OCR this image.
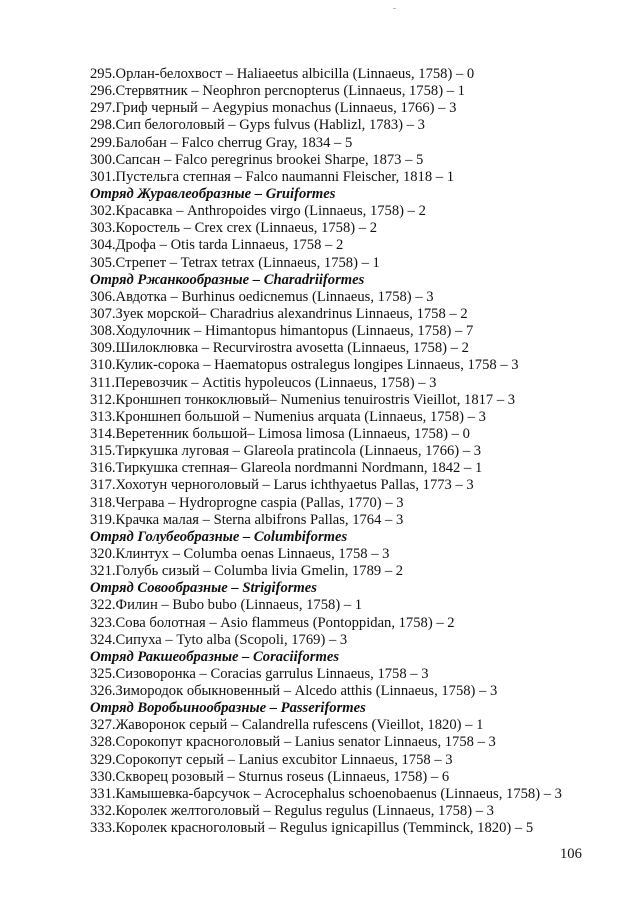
295.Орлан-белохвост – Haliaeetus albicilla (Linnaeus, 1758) – 0
296.Стервятник – Neophron percnopterus (Linnaeus, 1758) – 1
297.Гриф черный – Aegypius monachus (Linnaeus, 1766) – 3
298.Сип белоголовый – Gyps fulvus (Hablizl, 1783) – 3
299.Балобан – Falco cherrug Gray, 1834 – 5
300.Сапсан – Falco peregrinus brookei Sharpe, 1873 – 5
301.Пустельга степная – Falco naumanni Fleischer, 1818 – 1
Отряд Журавлеобразные – Gruiformes
302.Красавка – Anthropoides virgo (Linnaeus, 1758) – 2
303.Коростель – Crex crex (Linnaeus, 1758) – 2
304.Дрофа – Otis tarda Linnaeus, 1758 – 2
305.Стрепет – Tetrax tetrax (Linnaeus, 1758) – 1
Отряд Ржанкообразные – Charadriiformes
306.Авдотка – Burhinus oedicnemus (Linnaeus, 1758) – 3
307.Зуек морской– Charadrius alexandrinus Linnaeus, 1758 – 2
308.Ходулочник – Himantopus himantopus (Linnaeus, 1758) – 7
309.Шилоклювка – Recurvirostra avosetta (Linnaeus, 1758) – 2
310.Кулик-сорока – Haematopus ostralegus longipes Linnaeus, 1758 – 3
311.Перевозчик – Actitis hypoleucos (Linnaeus, 1758) – 3
312.Кроншнеп тонкоклювый– Numenius tenuirostris Vieillot, 1817 – 3
313.Кроншнеп большой – Numenius arquata (Linnaeus, 1758) – 3
314.Веретенник большой– Limosa limosa (Linnaeus, 1758) – 0
315.Тиркушка луговая – Glareola pratincola (Linnaeus, 1766) – 3
316.Тиркушка степная– Glareola nordmanni Nordmann, 1842 – 1
317.Хохотун черноголовый – Larus ichthyaetus Pallas, 1773 – 3
318.Чеграва – Hydroprogne caspia (Pallas, 1770) – 3
319.Крачка малая – Sterna albifrons Pallas, 1764 – 3
Отряд Голубеобразные – Columbiformes
320.Клинтух – Columba oenas Linnaeus, 1758 – 3
321.Голубь сизый – Columba livia Gmelin, 1789 – 2
Отряд Совообразные – Strigiformes
322.Филин – Bubo bubo (Linnaeus, 1758) – 1
323.Сова болотная – Asio flammeus (Pontoppidan, 1758) – 2
324.Сипуха – Tyto alba (Scopoli, 1769) – 3
Отряд Ракшеобразные – Coraciiformes
325.Сизоворонка – Coracias garrulus Linnaeus, 1758 – 3
326.Зимородок обыкновенный – Alcedo atthis (Linnaeus, 1758) – 3
Отряд Воробьинообразные – Passeriformes
327.Жаворонок серый – Calandrella rufescens (Vieillot, 1820) – 1
328.Сорокопут красноголовый – Lanius senator Linnaeus, 1758 – 3
329.Сорокопут серый – Lanius excubitor Linnaeus, 1758 – 3
330.Скворец розовый – Sturnus roseus (Linnaeus, 1758) – 6
331.Камышевка-барсучок – Acrocephalus schoenobaenus (Linnaeus, 1758) – 3
332.Королек желтоголовый – Regulus regulus (Linnaeus, 1758) – 3
333.Королек красноголовый – Regulus ignicapillus (Temminck, 1820) – 5
106
